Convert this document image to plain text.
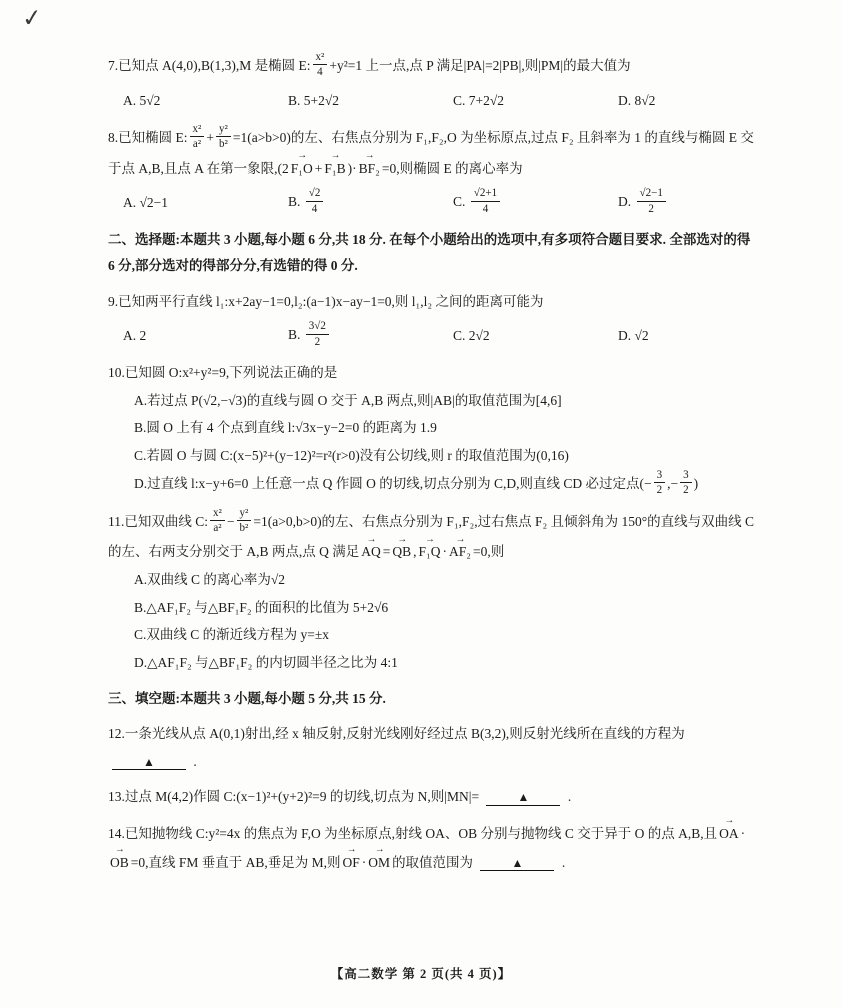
✓
7.已知点 A(4,0),B(1,3),M 是椭圆 E: $\frac{\text{x²}}{4} +y^2=1$ 上一点,点 P 满足|PA|=2|PB|,则|PM|的最大值为
A. 5√2	B. 5+2√2	C. 7+2√2	D. 8√2
8.已知椭圆 E: $\frac{\text{x²}}{\text{a²}} + \frac{\text{y²}}{\text{b²}} =1(a>b>0)$的左、右焦点分别为 F₁,F₂,O 为坐标原点,过点 F₂ 且斜率为 1 的直线与椭圆 E 交于点 A,B,且点 A 在第一象限,(2 F₁O → + F₁B → )· BF₂ → =0,则椭圆 E 的离心率为
A. √2−1	B. $\frac{√2}{4}$	C. $\frac{√2+1}{4}$	D. $\frac{√2-1}{2}$
二、选择题:本题共 3 小题,每小题 6 分,共 18 分. 在每个小题给出的选项中,有多项符合题目要求. 全部选对的得 6 分,部分选对的得部分分,有选错的得 0 分.
9.已知两平行直线 l₁:x+2ay−1=0,l₂:(a−1)x−ay−1=0,则 l₁,l₂ 之间的距离可能为
A. 2	B. $\frac{3√2}{2}$	C. 2√2	D. √2
10.已知圆 O:x²+y²=9,下列说法正确的是
A.若过点 P(√2,−√3)的直线与圆 O 交于 A,B 两点,则|AB|的取值范围为[4,6]
B.圆 O 上有 4 个点到直线 l:√3x−y−2=0 的距离为 1.9
C.若圆 O 与圆 C:(x−5)²+(y−12)²=r²(r>0)没有公切线,则 r 的取值范围为(0,16)
D.过直线 l:x−y+6=0 上任意一点 Q 作圆 O 的切线,切点分别为 C,D,则直线 CD 必过定点(− $\frac{3}{2}$ ,− $\frac{3}{2}$ )
11.已知双曲线 C: $\frac{\text{x²}}{\text{a²}} - \frac{\text{y²}}{\text{b²}} =1(a>0,b>0)$的左、右焦点分别为 F₁,F₂,过右焦点 F₂ 且倾斜角为 150°的直线与双曲线 C 的左、右两支分别交于 A,B 两点,点 Q 满足 AQ → = QB → , F₁Q → · AF₂ → =0,则
A.双曲线 C 的离心率为√2
B.△AF₁F₂ 与△BF₁F₂ 的面积的比值为 5+2√6
C.双曲线 C 的渐近线方程为 y=±x
D.△AF₁F₂ 与△BF₁F₂ 的内切圆半径之比为 4:1
三、填空题:本题共 3 小题,每小题 5 分,共 15 分.
12.一条光线从点 A(0,1)射出,经 x 轴反射,反射光线刚好经过点 B(3,2),则反射光线所在直线的方程为 ▲	.
13.过点 M(4,2)作圆 C:(x−1)²+(y+2)²=9 的切线,切点为 N,则|MN|=	▲	.
14.已知抛物线 C:y²=4x 的焦点为 F,O 为坐标原点,射线 OA、OB 分别与抛物线 C 交于异于 O 的点 A,B,且 OA → ·OB → =0,直线 FM 垂直于 AB,垂足为 M,则 OF → · OM → 的取值范围为	▲	.
【高二数学 第 2 页(共 4 页)】
